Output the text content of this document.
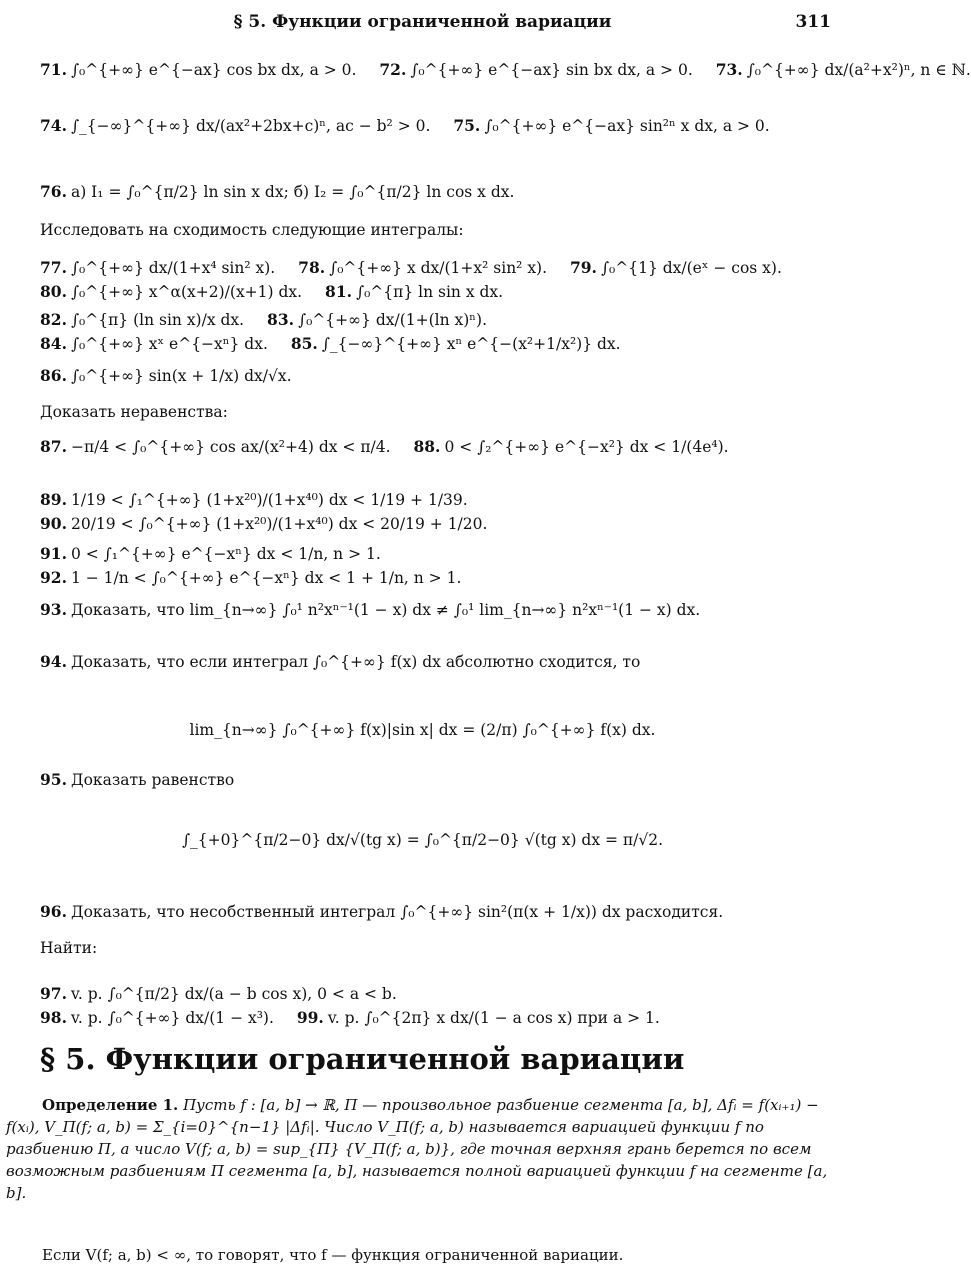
§ 5. Функции ограниченной вариации	311
71. ∫₀^{+∞} e^{−ax} cos bx dx, a > 0. 72. ∫₀^{+∞} e^{−ax} sin bx dx, a > 0. 73. ∫₀^{+∞} dx/(a²+x²)ⁿ, n ∈ ℕ.
74. ∫_{−∞}^{+∞} dx/(ax²+2bx+c)ⁿ, ac − b² > 0. 75. ∫₀^{+∞} e^{−ax} sin²ⁿ x dx, a > 0.
76. а) I₁ = ∫₀^{π/2} ln sin x dx; б) I₂ = ∫₀^{π/2} ln cos x dx.
Исследовать на сходимость следующие интегралы:
77. ∫₀^{+∞} dx/(1+x⁴ sin² x). 78. ∫₀^{+∞} x dx/(1+x² sin² x). 79. ∫₀^{1} dx/(eˣ − cos x).
80. ∫₀^{+∞} x^α(x+2)/(x+1) dx. 81. ∫₀^{π} ln sin x dx.
82. ∫₀^{π} (ln sin x)/x dx. 83. ∫₀^{+∞} dx/(1+(ln x)ⁿ).
84. ∫₀^{+∞} xˣ e^{−xⁿ} dx. 85. ∫_{−∞}^{+∞} xⁿ e^{−(x²+1/x²)} dx.
86. ∫₀^{+∞} sin(x + 1/x) dx/√x.
Доказать неравенства:
87. −π/4 < ∫₀^{+∞} cos ax/(x²+4) dx < π/4. 88. 0 < ∫₂^{+∞} e^{−x²} dx < 1/(4e⁴).
89. 1/19 < ∫₁^{+∞} (1+x²⁰)/(1+x⁴⁰) dx < 1/19 + 1/39.
90. 20/19 < ∫₀^{+∞} (1+x²⁰)/(1+x⁴⁰) dx < 20/19 + 1/20.
91. 0 < ∫₁^{+∞} e^{−xⁿ} dx < 1/n, n > 1.
92. 1 − 1/n < ∫₀^{+∞} e^{−xⁿ} dx < 1 + 1/n, n > 1.
93. Доказать, что lim_{n→∞} ∫₀¹ n²xⁿ⁻¹(1 − x) dx ≠ ∫₀¹ lim_{n→∞} n²xⁿ⁻¹(1 − x) dx.
94. Доказать, что если интеграл ∫₀^{+∞} f(x) dx абсолютно сходится, то
lim_{n→∞} ∫₀^{+∞} f(x)|sin x| dx = (2/π) ∫₀^{+∞} f(x) dx.
95. Доказать равенство
∫_{+0}^{π/2−0} dx/√(tg x) = ∫₀^{π/2−0} √(tg x) dx = π/√2.
96. Доказать, что несобственный интеграл ∫₀^{+∞} sin²(π(x + 1/x)) dx расходится.
Найти:
97. v. p. ∫₀^{π/2} dx/(a − b cos x), 0 < a < b.
98. v. p. ∫₀^{+∞} dx/(1 − x³). 99. v. p. ∫₀^{2π} x dx/(1 − a cos x) при a > 1.
§ 5. Функции ограниченной вариации
Определение 1. Пусть f : [a, b] → ℝ, Π — произвольное разбиение сегмента [a, b], Δfᵢ = f(xᵢ₊₁) − f(xᵢ), V_Π(f; a, b) = Σ_{i=0}^{n−1} |Δfᵢ|. Число V_Π(f; a, b) называется вариацией функции f по разбиению Π, а число V(f; a, b) = sup_{Π} {V_Π(f; a, b)}, где точная верхняя грань берется по всем возможным разбиениям Π сегмента [a, b], называется полной вариацией функции f на сегменте [a, b].
Если V(f; a, b) < ∞, то говорят, что f — функция ограниченной вариации.
